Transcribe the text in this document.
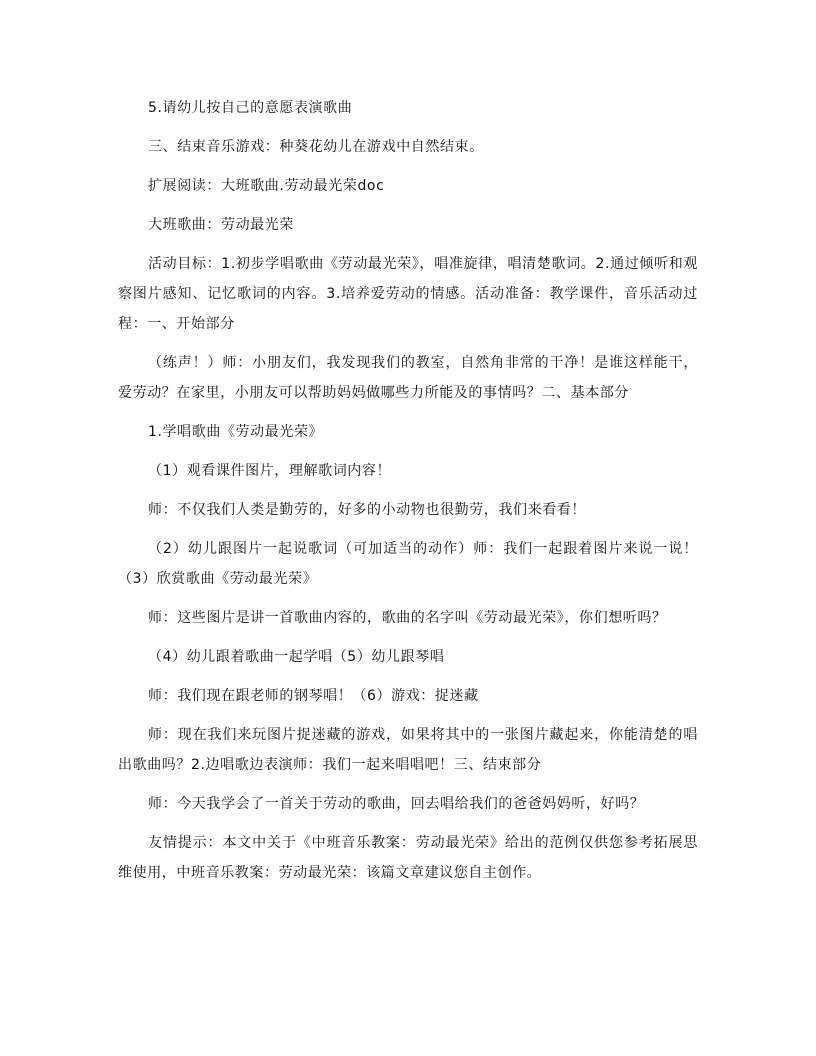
5.请幼儿按自己的意愿表演歌曲

三、结束音乐游戏：种葵花幼儿在游戏中自然结束。

扩展阅读：大班歌曲.劳动最光荣doc

大班歌曲：劳动最光荣

活动目标：1.初步学唱歌曲《劳动最光荣》，唱准旋律，唱清楚歌词。2.通过倾听和观察图片感知、记忆歌词的内容。3.培养爱劳动的情感。活动准备：教学课件，音乐活动过程：一、开始部分

（练声！）师：小朋友们，我发现我们的教室，自然角非常的干净！是谁这样能干，爱劳动？在家里，小朋友可以帮助妈妈做哪些力所能及的事情吗？二、基本部分

1.学唱歌曲《劳动最光荣》

（1）观看课件图片，理解歌词内容！

师：不仅我们人类是勤劳的，好多的小动物也很勤劳，我们来看看！

（2）幼儿跟图片一起说歌词（可加适当的动作）师：我们一起跟着图片来说一说！（3）欣赏歌曲《劳动最光荣》

师：这些图片是讲一首歌曲内容的，歌曲的名字叫《劳动最光荣》，你们想听吗？

（4）幼儿跟着歌曲一起学唱（5）幼儿跟琴唱

师：我们现在跟老师的钢琴唱！（6）游戏：捉迷藏

师：现在我们来玩图片捉迷藏的游戏，如果将其中的一张图片藏起来，你能清楚的唱出歌曲吗？2.边唱歌边表演师：我们一起来唱唱吧！三、结束部分

师：今天我学会了一首关于劳动的歌曲，回去唱给我们的爸爸妈妈听，好吗？

友情提示：本文中关于《中班音乐教案：劳动最光荣》给出的范例仅供您参考拓展思维使用，中班音乐教案：劳动最光荣：该篇文章建议您自主创作。
